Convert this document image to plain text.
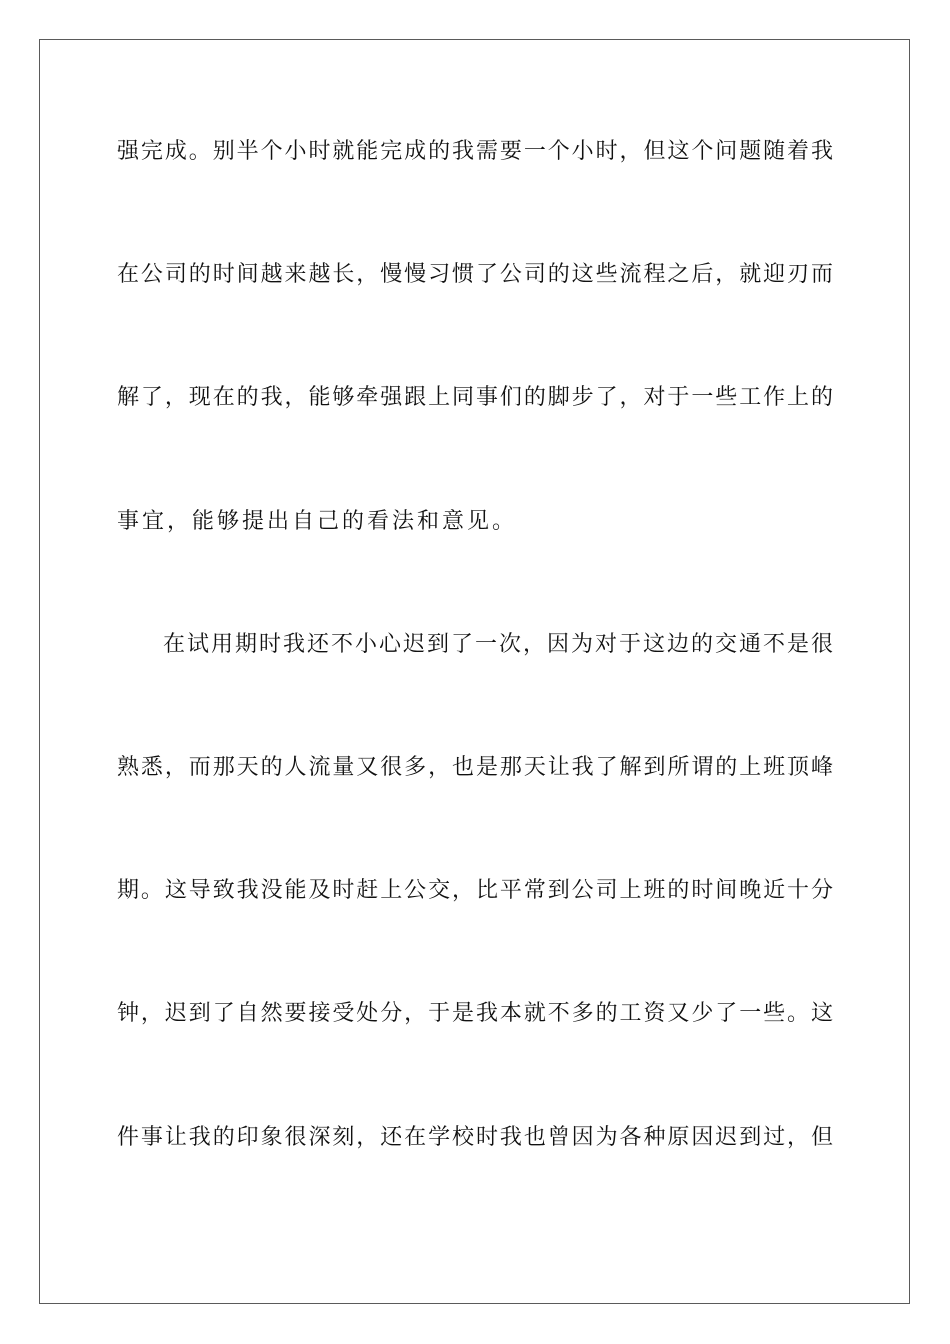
强完成。别半个小时就能完成的我需要一个小时，但这个问题随着我
在公司的时间越来越长，慢慢习惯了公司的这些流程之后，就迎刃而
解了，现在的我，能够牵强跟上同事们的脚步了，对于一些工作上的
事宜，能够提出自己的看法和意见。
在试用期时我还不小心迟到了一次，因为对于这边的交通不是很
熟悉，而那天的人流量又很多，也是那天让我了解到所谓的上班顶峰
期。这导致我没能及时赶上公交，比平常到公司上班的时间晚近十分
钟，迟到了自然要接受处分，于是我本就不多的工资又少了一些。这
件事让我的印象很深刻，还在学校时我也曾因为各种原因迟到过，但
